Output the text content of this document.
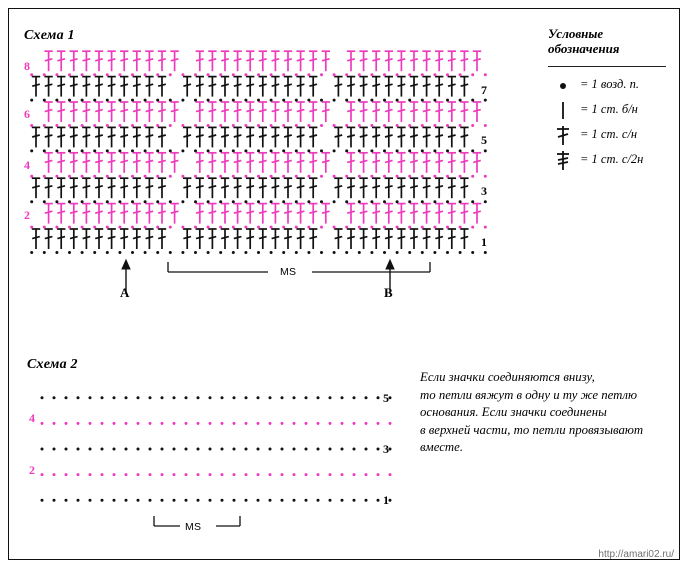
Схема 1
8
6
4
2
7
5
3
1
A	B
MS
Условные
обозначения
= 1 возд. п.
= 1 ст. б/н
= 1 ст. с/н
= 1 ст. с/2н
Схема 2
4
2
5
3
1
MS
Если значки соединяются внизу,
то петли вяжут в одну и ту же петлю
основания. Если значки соединены
в верхней части, то петли провязывают
вместе.
http://amari02.ru/
